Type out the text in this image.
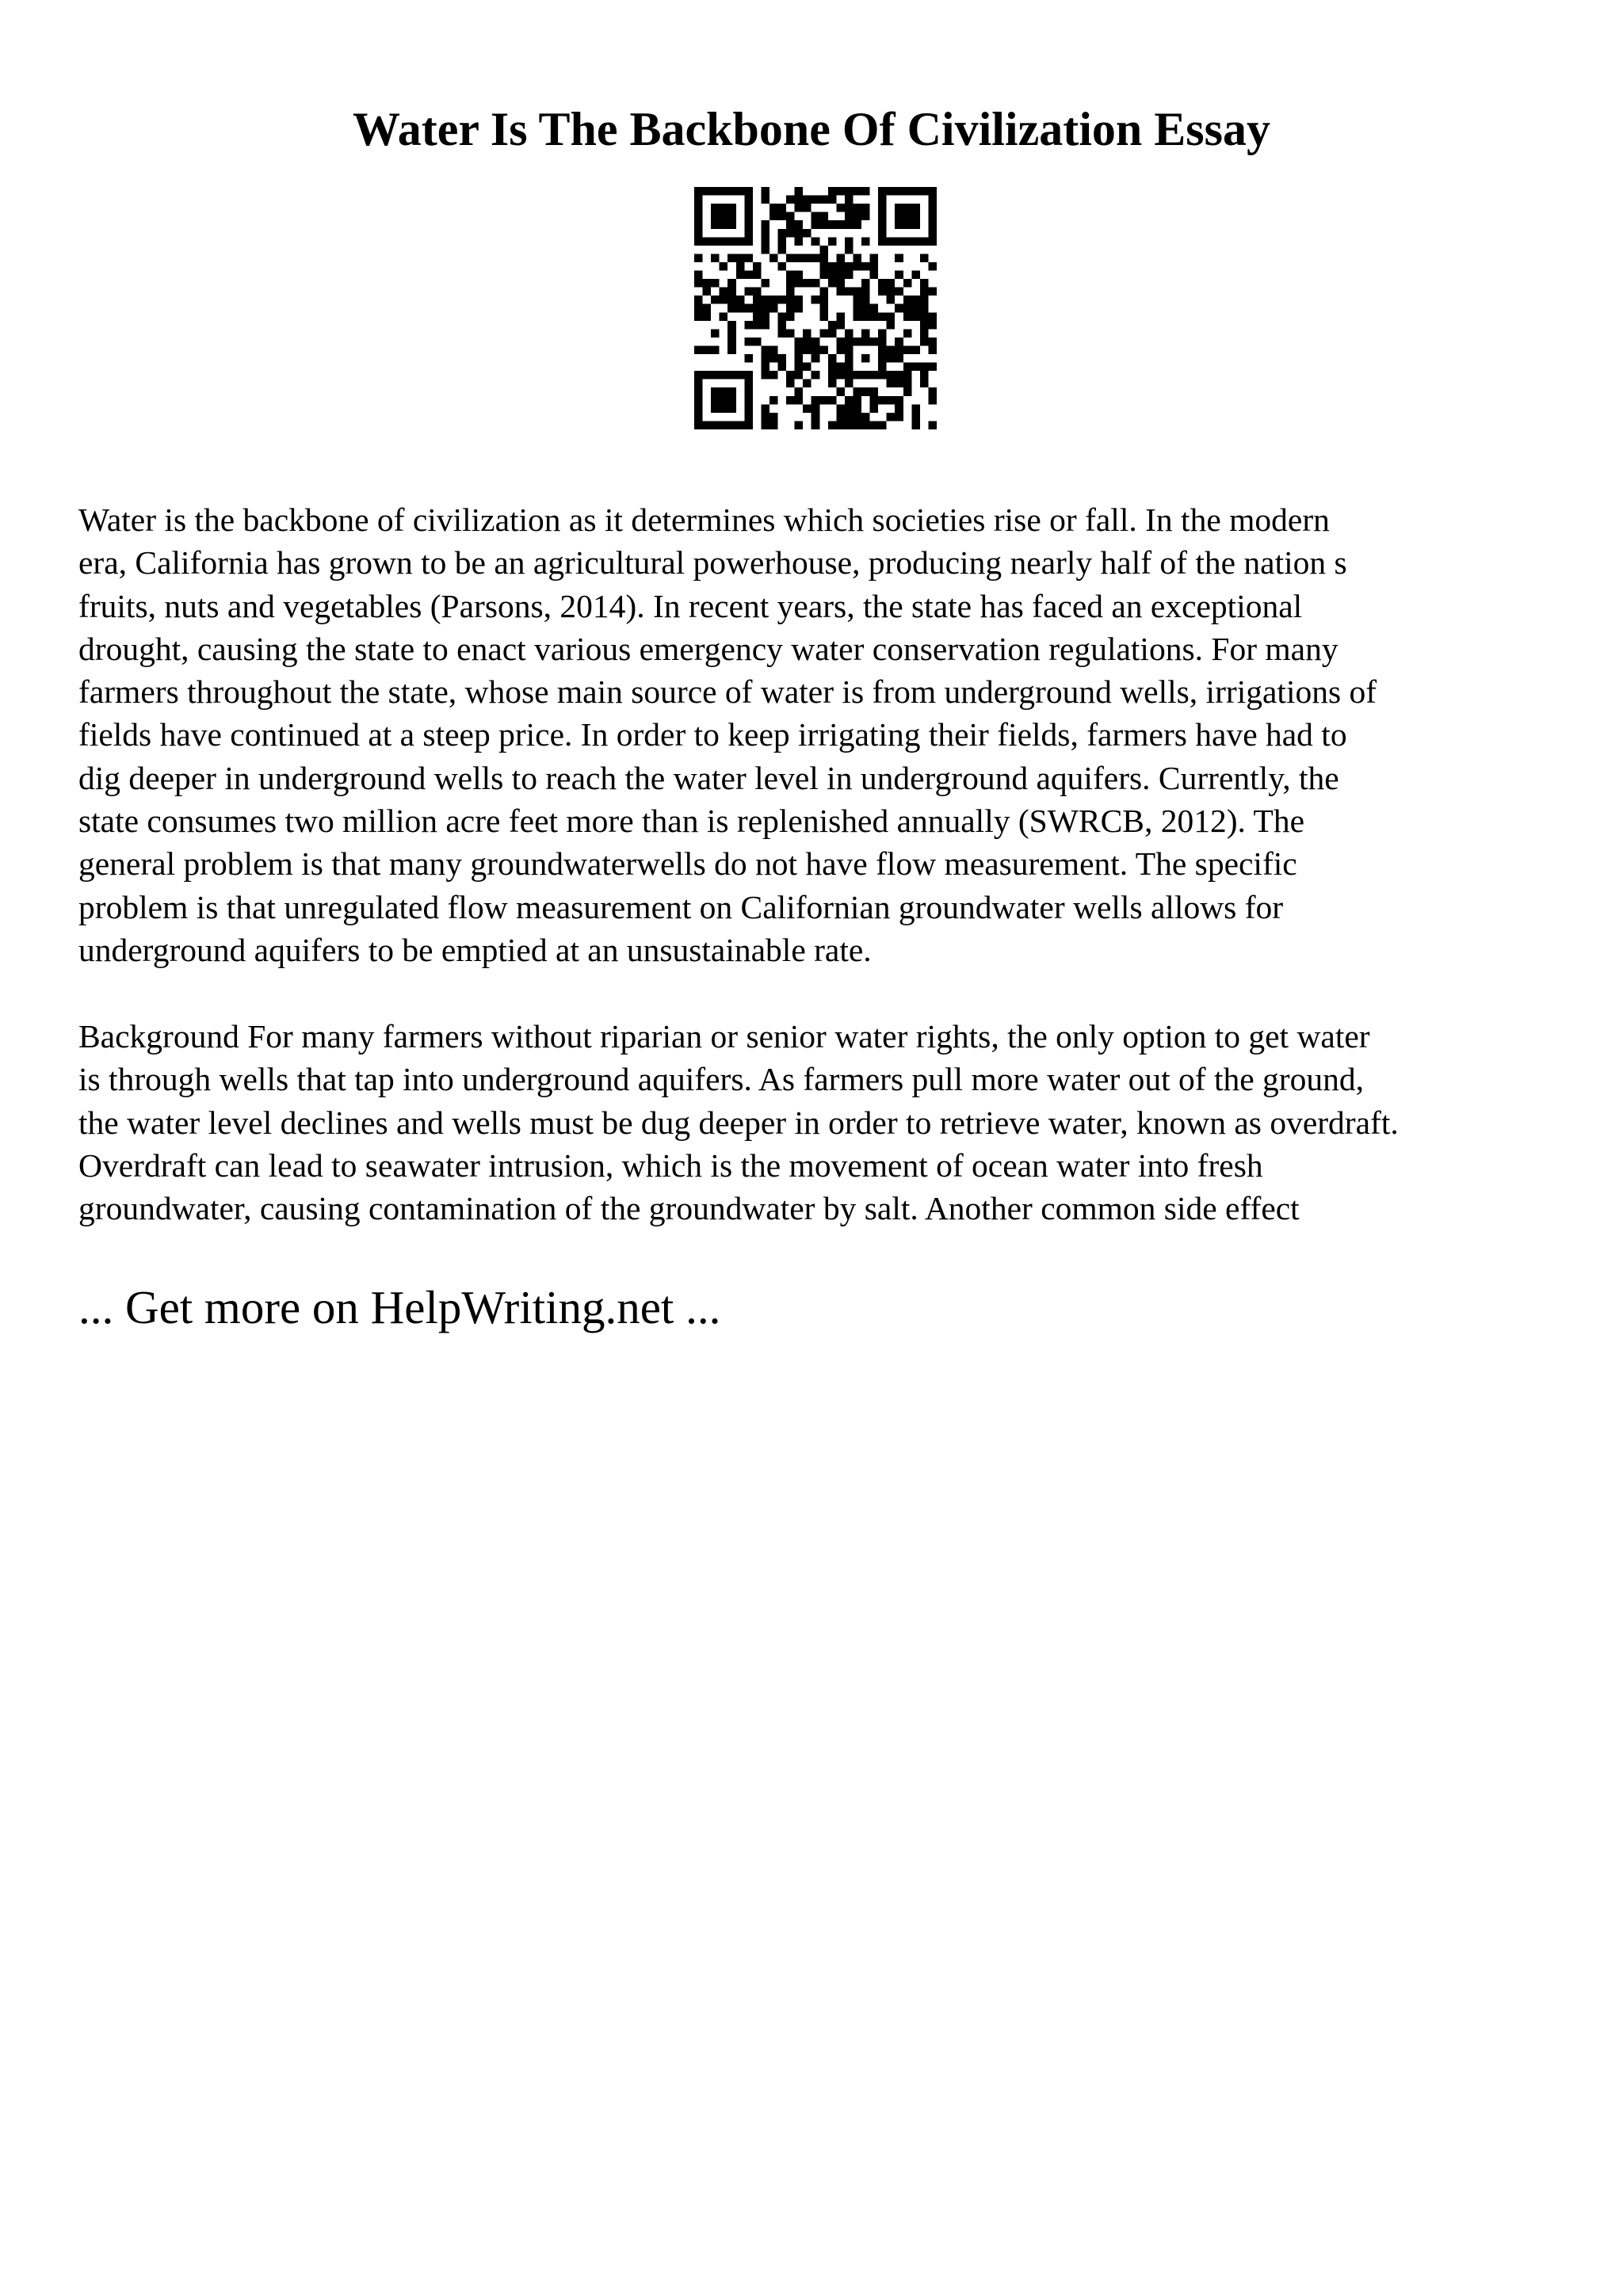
Water Is The Backbone Of Civilization Essay

Water is the backbone of civilization as it determines which societies rise or fall. In the modern
era, California has grown to be an agricultural powerhouse, producing nearly half of the nation s
fruits, nuts and vegetables (Parsons, 2014). In recent years, the state has faced an exceptional
drought, causing the state to enact various emergency water conservation regulations. For many
farmers throughout the state, whose main source of water is from underground wells, irrigations of
fields have continued at a steep price. In order to keep irrigating their fields, farmers have had to
dig deeper in underground wells to reach the water level in underground aquifers. Currently, the
state consumes two million acre feet more than is replenished annually (SWRCB, 2012). The
general problem is that many groundwaterwells do not have flow measurement. The specific
problem is that unregulated flow measurement on Californian groundwater wells allows for
underground aquifers to be emptied at an unsustainable rate.

Background For many farmers without riparian or senior water rights, the only option to get water
is through wells that tap into underground aquifers. As farmers pull more water out of the ground,
the water level declines and wells must be dug deeper in order to retrieve water, known as overdraft.
Overdraft can lead to seawater intrusion, which is the movement of ocean water into fresh
groundwater, causing contamination of the groundwater by salt. Another common side effect

... Get more on HelpWriting.net ...
